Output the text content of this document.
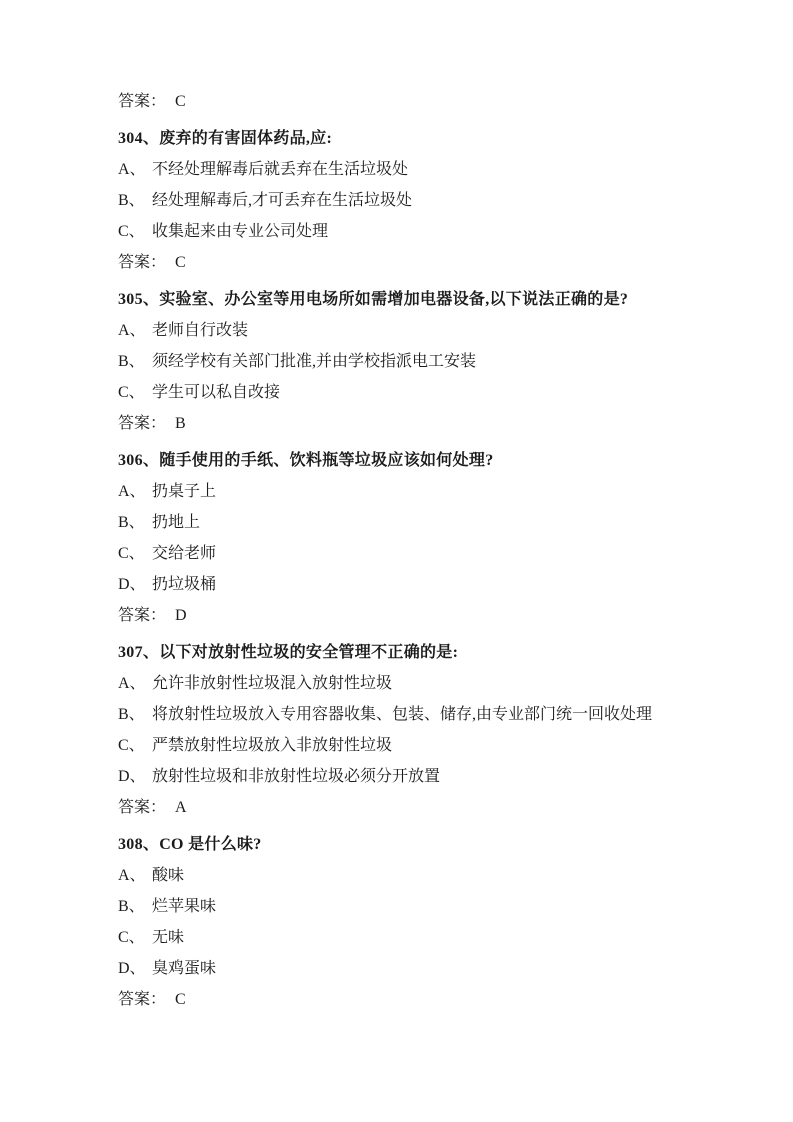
答案： C

304、废弃的有害固体药品,应:

A、 不经处理解毒后就丢弃在生活垃圾处

B、 经处理解毒后,才可丢弃在生活垃圾处

C、 收集起来由专业公司处理

答案： C

305、实验室、办公室等用电场所如需增加电器设备,以下说法正确的是?

A、 老师自行改装

B、 须经学校有关部门批准,并由学校指派电工安装

C、 学生可以私自改接

答案： B

306、随手使用的手纸、饮料瓶等垃圾应该如何处理?

A、 扔桌子上

B、 扔地上

C、 交给老师

D、 扔垃圾桶

答案： D

307、以下对放射性垃圾的安全管理不正确的是:

A、 允许非放射性垃圾混入放射性垃圾

B、 将放射性垃圾放入专用容器收集、包装、储存,由专业部门统一回收处理

C、 严禁放射性垃圾放入非放射性垃圾

D、 放射性垃圾和非放射性垃圾必须分开放置

答案： A

308、CO 是什么味?

A、 酸味

B、 烂苹果味

C、 无味

D、 臭鸡蛋味

答案： C
